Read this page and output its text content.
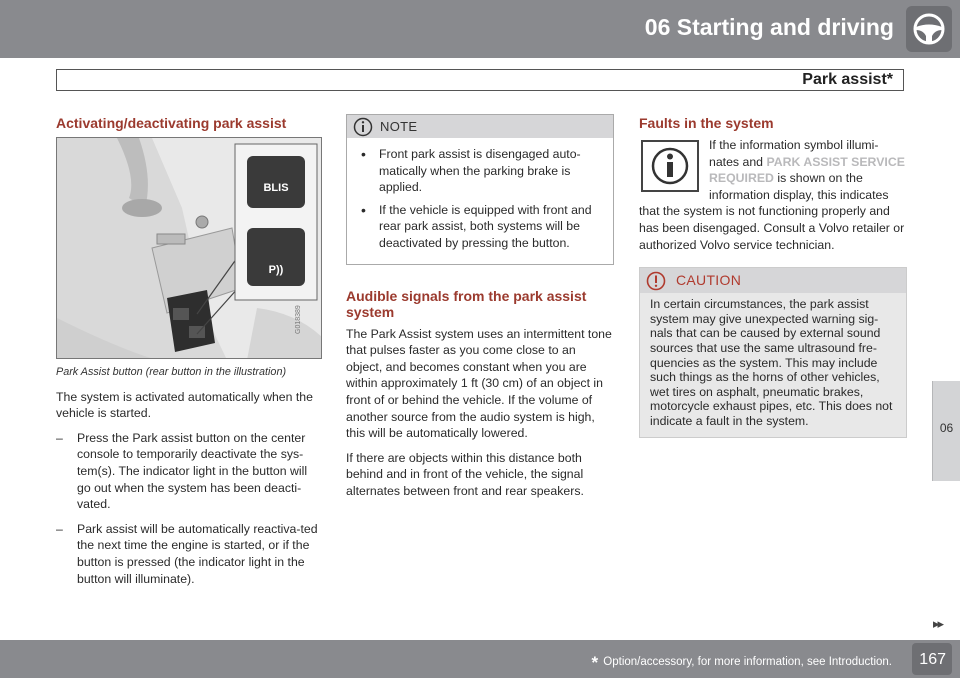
06 Starting and driving
Park assist*
Activating/deactivating park assist
BLIS
P))
G018389
Park Assist button (rear button in the illustration)

The system is activated automatically when the vehicle is started.

– Press the Park assist button on the center console to temporarily deactivate the sys-tem(s). The indicator light in the button will go out when the system has been deacti-vated.
– Park assist will be automatically reactiva-ted the next time the engine is started, or if the button is pressed (the indicator light in the button will illuminate).
NOTE
• Front park assist is disengaged auto-matically when the parking brake is applied.
• If the vehicle is equipped with front and rear park assist, both systems will be deactivated by pressing the button.
Audible signals from the park assist system

The Park Assist system uses an intermittent tone that pulses faster as you come close to an object, and becomes constant when you are within approximately 1 ft (30 cm) of an object in front of or behind the vehicle. If the volume of another source from the audio system is high, this will be automatically lowered.

If there are objects within this distance both behind and in front of the vehicle, the signal alternates between front and rear speakers.

Faults in the system
If the information symbol illumi-nates and PARK ASSIST SERVICE REQUIRED is shown on the information display, this indicates that the system is not functioning properly and has been disengaged. Consult a Volvo retailer or authorized Volvo service technician.
CAUTION
In certain circumstances, the park assist system may give unexpected warning sig-nals that can be caused by external sound sources that use the same ultrasound fre-quencies as the system. This may include such things as the horns of other vehicles, wet tires on asphalt, pneumatic brakes, motorcycle exhaust pipes, etc. This does not indicate a fault in the system.
06
▸▸
* Option/accessory, for more information, see Introduction.	167
